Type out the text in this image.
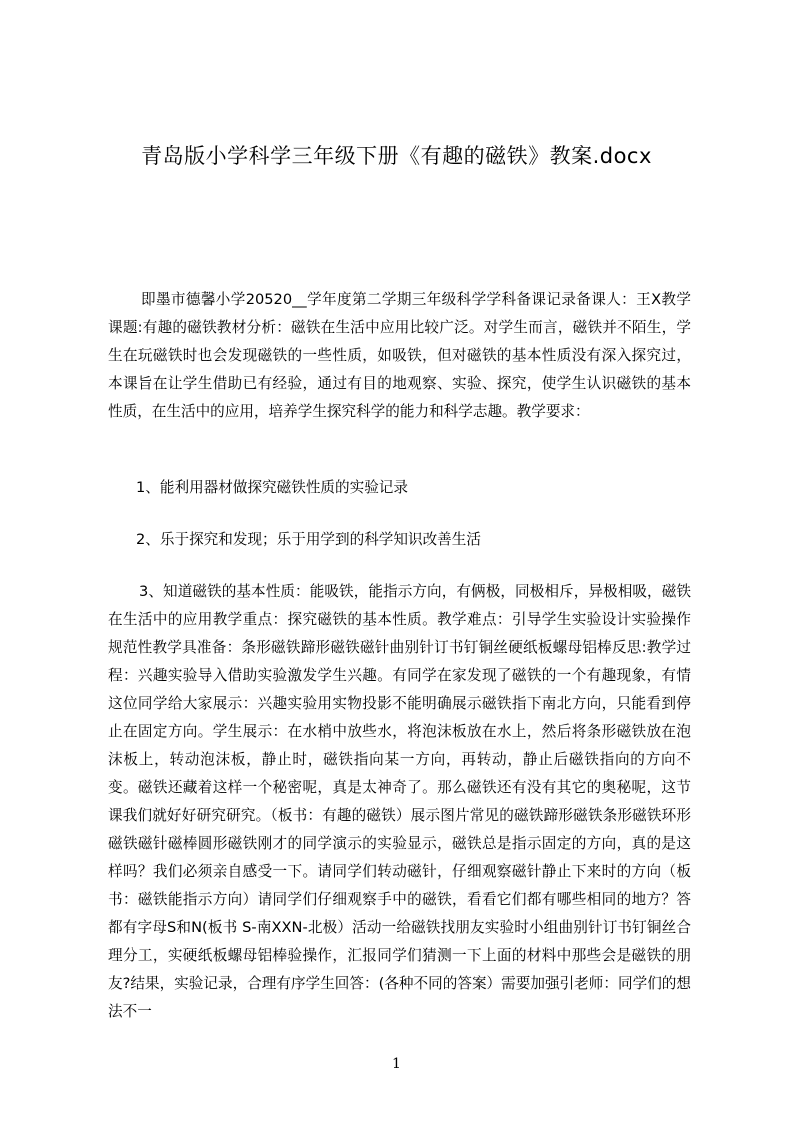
青岛版小学科学三年级下册《有趣的磁铁》教案.docx
即墨市德馨小学20520__学年度第二学期三年级科学学科备课记录备课人：王X教学课题:有趣的磁铁教材分析：磁铁在生活中应用比较广泛。对学生而言，磁铁并不陌生，学生在玩磁铁时也会发现磁铁的一些性质，如吸铁，但对磁铁的基本性质没有深入探究过，本课旨在让学生借助已有经验，通过有目的地观察、实验、探究，使学生认识磁铁的基本性质，在生活中的应用，培养学生探究科学的能力和科学志趣。教学要求：
1、能利用器材做探究磁铁性质的实验记录
2、乐于探究和发现；乐于用学到的科学知识改善生活
3、知道磁铁的基本性质：能吸铁，能指示方向，有俩极，同极相斥，异极相吸，磁铁在生活中的应用教学重点：探究磁铁的基本性质。教学难点：引导学生实验设计实验操作规范性教学具准备：条形磁铁蹄形磁铁磁针曲别针订书钉铜丝硬纸板螺母铝棒反思:教学过程：兴趣实验导入借助实验激发学生兴趣。有同学在家发现了磁铁的一个有趣现象，有情这位同学给大家展示：兴趣实验用实物投影不能明确展示磁铁指下南北方向，只能看到停止在固定方向。学生展示：在水梢中放些水，将泡沫板放在水上，然后将条形磁铁放在泡沫板上，转动泡沫板，静止时，磁铁指向某一方向，再转动，静止后磁铁指向的方向不变。磁铁还藏着这样一个秘密呢，真是太神奇了。那么磁铁还有没有其它的奥秘呢，这节课我们就好好研究研究。（板书：有趣的磁铁）展示图片常见的磁铁蹄形磁铁条形磁铁环形磁铁磁针磁棒圆形磁铁刚才的同学演示的实验显示，磁铁总是指示固定的方向，真的是这样吗？我们必须亲自感受一下。请同学们转动磁针，仔细观察磁针静止下来时的方向（板书：磁铁能指示方向）请同学们仔细观察手中的磁铁，看看它们都有哪些相同的地方？答都有字母S和N(板书 S-南XXN-北极）活动一给磁铁找朋友实验时小组曲别针订书钉铜丝合理分工，实硬纸板螺母铝棒验操作，汇报同学们猜测一下上面的材料中那些会是磁铁的朋友?结果，实验记录，合理有序学生回答：(各种不同的答案）需要加强引老师：同学们的想法不一
1
